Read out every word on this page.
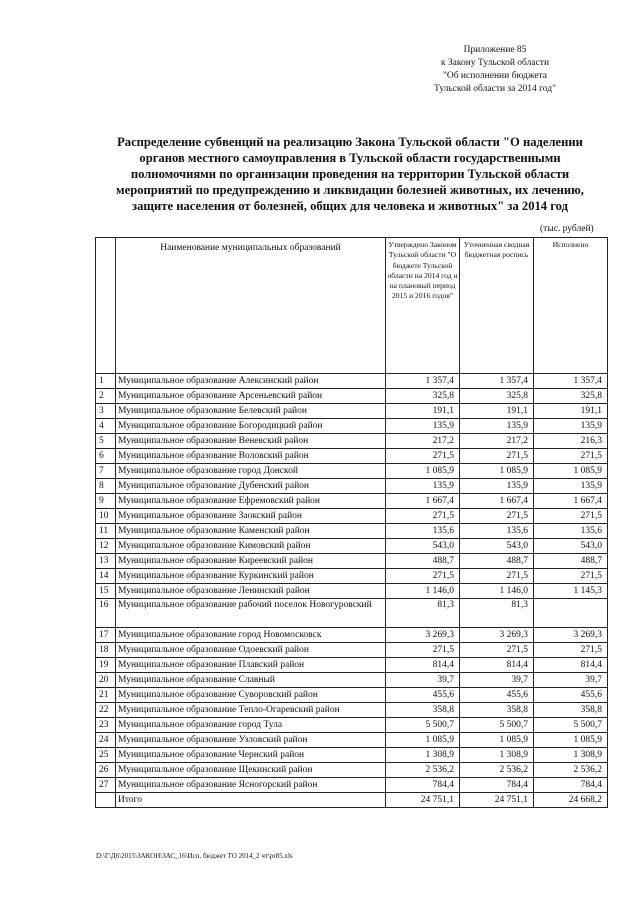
Приложение 85
к Закону Тульской области
"Об исполнении бюджета
Тульской области за 2014 год"
Распределение субвенций на реализацию Закона Тульской области "О наделении
органов местного самоуправления в Тульской области государственными
полномочиями по организации проведения на территории Тульской области
мероприятий по предупреждению и ликвидации болезней животных, их лечению,
защите населения от болезней, общих для человека и животных" за 2014 год
(тыс. рублей)
	Наименование муниципальных образований	Утверждено Законом Тульской области "О бюджете Тульской области на 2014 год и на плановый период 2015 и 2016 годов"	Уточненная сводная бюджетная роспись	Исполнено
1	Муниципальное образование Алексинский район	1 357,4	1 357,4	1 357,4
2	Муниципальное образование Арсеньевский район	325,8	325,8	325,8
3	Муниципальное образование Белевский район	191,1	191,1	191,1
4	Муниципальное образование Богородицкий район	135,9	135,9	135,9
5	Муниципальное образование Веневский район	217,2	217,2	216,3
6	Муниципальное образование Воловский район	271,5	271,5	271,5
7	Муниципальное образование город Донской	1 085,9	1 085,9	1 085,9
8	Муниципальное образование Дубенский район	135,9	135,9	135,9
9	Муниципальное образование Ефремовский район	1 667,4	1 667,4	1 667,4
10	Муниципальное образование Заокский район	271,5	271,5	271,5
11	Муниципальное образование Каменский район	135,6	135,6	135,6
12	Муниципальное образование Кимовский район	543,0	543,0	543,0
13	Муниципальное образование Киреевский район	488,7	488,7	488,7
14	Муниципальное образование Куркинский район	271,5	271,5	271,5
15	Муниципальное образование Ленинский район	1 146,0	1 146,0	1 145,3
16	Муниципальное образование рабочий поселок Новогуровский	81,3	81,3	
17	Муниципальное образование город Новомосковск	3 269,3	3 269,3	3 269,3
18	Муниципальное образование Одоевский район	271,5	271,5	271,5
19	Муниципальное образование Плавский район	814,4	814,4	814,4
20	Муниципальное образование Славный	39,7	39,7	39,7
21	Муниципальное образование Суворовский район	455,6	455,6	455,6
22	Муниципальное образование Тепло-Огаревский район	358,8	358,8	358,8
23	Муниципальное образование город Тула	5 500,7	5 500,7	5 500,7
24	Муниципальное образование Узловский район	1 085,9	1 085,9	1 085,9
25	Муниципальное образование Чернский район	1 308,9	1 308,9	1 308,9
26	Муниципальное образование Щекинский район	2 536,2	2 536,2	2 536,2
27	Муниципальное образование Ясногорский район	784,4	784,4	784,4
	Итого	24 751,1	24 751,1	24 668,2
D:\Г\Д6\2015\ЗАКОН\ЗАС_16\Исп. бюджет ТО 2014_2 чт\pr85.xls
